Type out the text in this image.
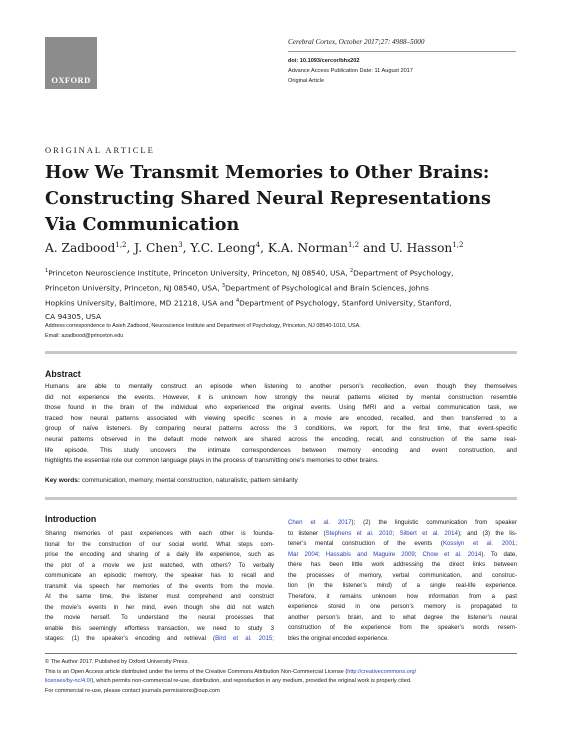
OXFORD
Cerebral Cortex, October 2017;27: 4988–5000
doi: 10.1093/cercor/bhx202
Advance Access Publication Date: 11 August 2017
Original Article
ORIGINAL ARTICLE
How We Transmit Memories to Other Brains:
Constructing Shared Neural Representations
Via Communication
A. Zadbood$^{1,2}$, J. Chen$^3$, Y.C. Leong$^4$, K.A. Norman$^{1,2}$ and U. Hasson$^{1,2}$
$^1$Princeton Neuroscience Institute, Princeton University, Princeton, NJ 08540, USA, $^2$Department of Psychology,
Princeton University, Princeton, NJ 08540, USA, $^3$Department of Psychological and Brain Sciences, Johns
Hopkins University, Baltimore, MD 21218, USA and $^4$Department of Psychology, Stanford University, Stanford,
CA 94305, USA
Address correspondence to Asieh Zadbood, Neuroscience Institute and Department of Psychology, Princeton, NJ 08540-1010, USA.
Email: azadbood@princeton.edu
Abstract
Humans are able to mentally construct an episode when listening to another person’s recollection, even though they themselves
did not experience the events. However, it is unknown how strongly the neural patterns elicited by mental construction resemble
those found in the brain of the individual who experienced the original events. Using fMRI and a verbal communication task, we
traced how neural patterns associated with viewing specific scenes in a movie are encoded, recalled, and then transferred to a
group of naïve listeners. By comparing neural patterns across the 3 conditions, we report, for the first time, that event-specific
neural patterns observed in the default mode network are shared across the encoding, recall, and construction of the same real-
life episode. This study uncovers the intimate correspondences between memory encoding and event construction, and
highlights the essential role our common language plays in the process of transmitting one’s memories to other brains.
Key words: communication, memory, mental construction, naturalistic, pattern similarity
Introduction
Sharing memories of past experiences with each other is founda-
tional for the construction of our social world. What steps com-
prise the encoding and sharing of a daily life experience, such as
the plot of a movie we just watched, with others? To verbally
communicate an episodic memory, the speaker has to recall and
transmit via speech her memories of the events from the movie.
At the same time, the listener must comprehend and construct
the movie’s events in her mind, even though she did not watch
the movie herself. To understand the neural processes that
enable this seemingly effortless transaction, we need to study 3
stages: (1) the speaker’s encoding and retrieval (Bird et al. 2015;
Chen et al. 2017); (2) the linguistic communication from speaker
to listener (Stephens et al. 2010; Silbert et al. 2014); and (3) the lis-
tener’s mental construction of the events (Kosslyn et al. 2001;
Mar 2004; Hassabis and Maguire 2009; Chow et al. 2014). To date,
there has been little work addressing the direct links between
the processes of memory, verbal communication, and construc-
tion (in the listener’s mind) of a single real-life experience.
Therefore, it remains unknown how information from a past
experience stored in one person’s memory is propagated to
another person’s brain, and to what degree the listener’s neural
construction of the experience from the speaker’s words resem-
bles the original encoded experience.
© The Author 2017. Published by Oxford University Press.
This is an Open Access article distributed under the terms of the Creative Commons Attribution Non-Commercial License (http://creativecommons.org/
licenses/by-nc/4.0/), which permits non-commercial re-use, distribution, and reproduction in any medium, provided the original work is properly cited.
For commercial re-use, please contact journals.permissions@oup.com
